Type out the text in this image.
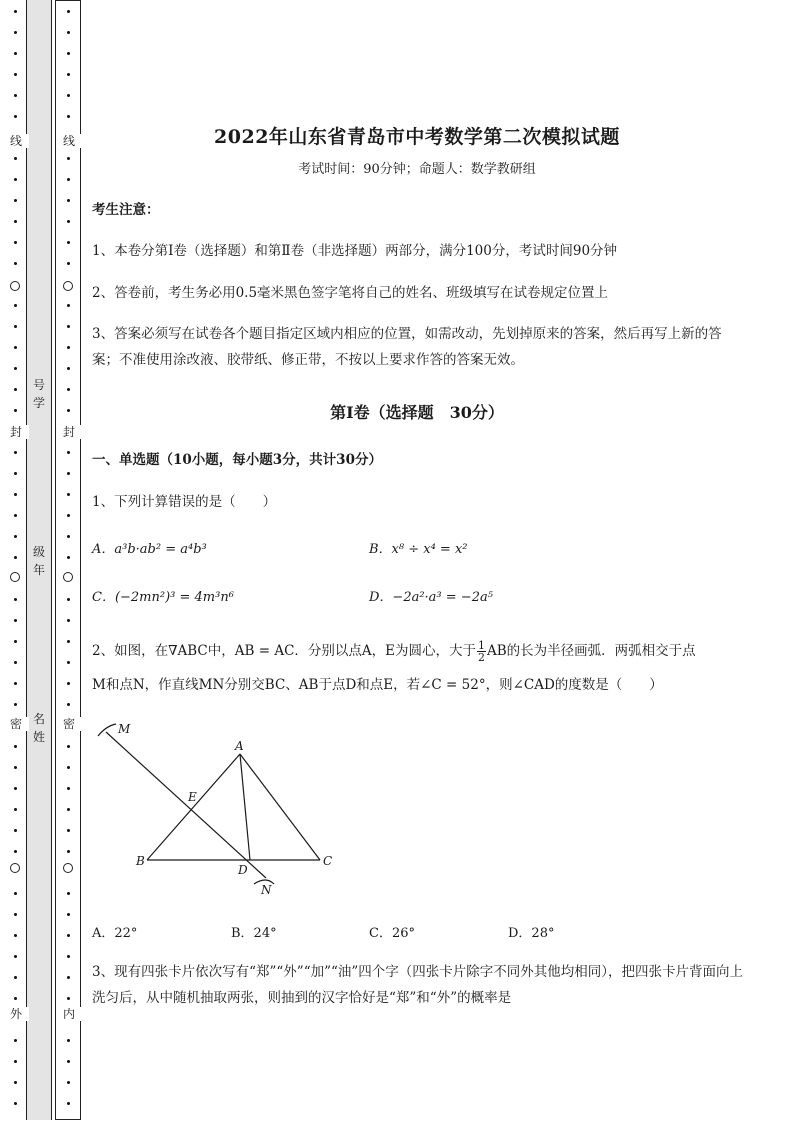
线
封
密
外
线
封
密
内
号学
级年
名姓
2022年山东省青岛市中考数学第二次模拟试题
考试时间：90分钟；命题人：数学教研组
考生注意：
1、本卷分第Ⅰ卷（选择题）和第Ⅱ卷（非选择题）两部分，满分100分，考试时间90分钟
2、答卷前，考生务必用0.5毫米黑色签字笔将自己的姓名、班级填写在试卷规定位置上
3、答案必须写在试卷各个题目指定区域内相应的位置，如需改动，先划掉原来的答案，然后再写上新的答案；不准使用涂改液、胶带纸、修正带，不按以上要求作答的答案无效。
第Ⅰ卷（选择题　30分）
一、单选题（10小题，每小题3分，共计30分）
1、下列计算错误的是（　　）
A．a³b·ab² = a⁴b³	B．x⁸ ÷ x⁴ = x²
C．(−2mn²)³ = 4m³n⁶	D．−2a²·a³ = −2a⁵
2、如图，在∇ABC中，AB = AC．分别以点A，E为圆心，大于 $\frac{1}{2}$ AB的长为半径画弧．两弧相交于点
M和点N，作直线MN分别交BC、AB于点D和点E，若∠C = 52°，则∠CAD的度数是（　　）
A．22°	B．24°	C．26°	D．28°
3、现有四张卡片依次写有“郑”“外”“加”“油”四个字（四张卡片除字不同外其他均相同），把四张卡片背面向上洗匀后，从中随机抽取两张，则抽到的汉字恰好是“郑”和“外”的概率是
M
A
E
B
D
C
N
